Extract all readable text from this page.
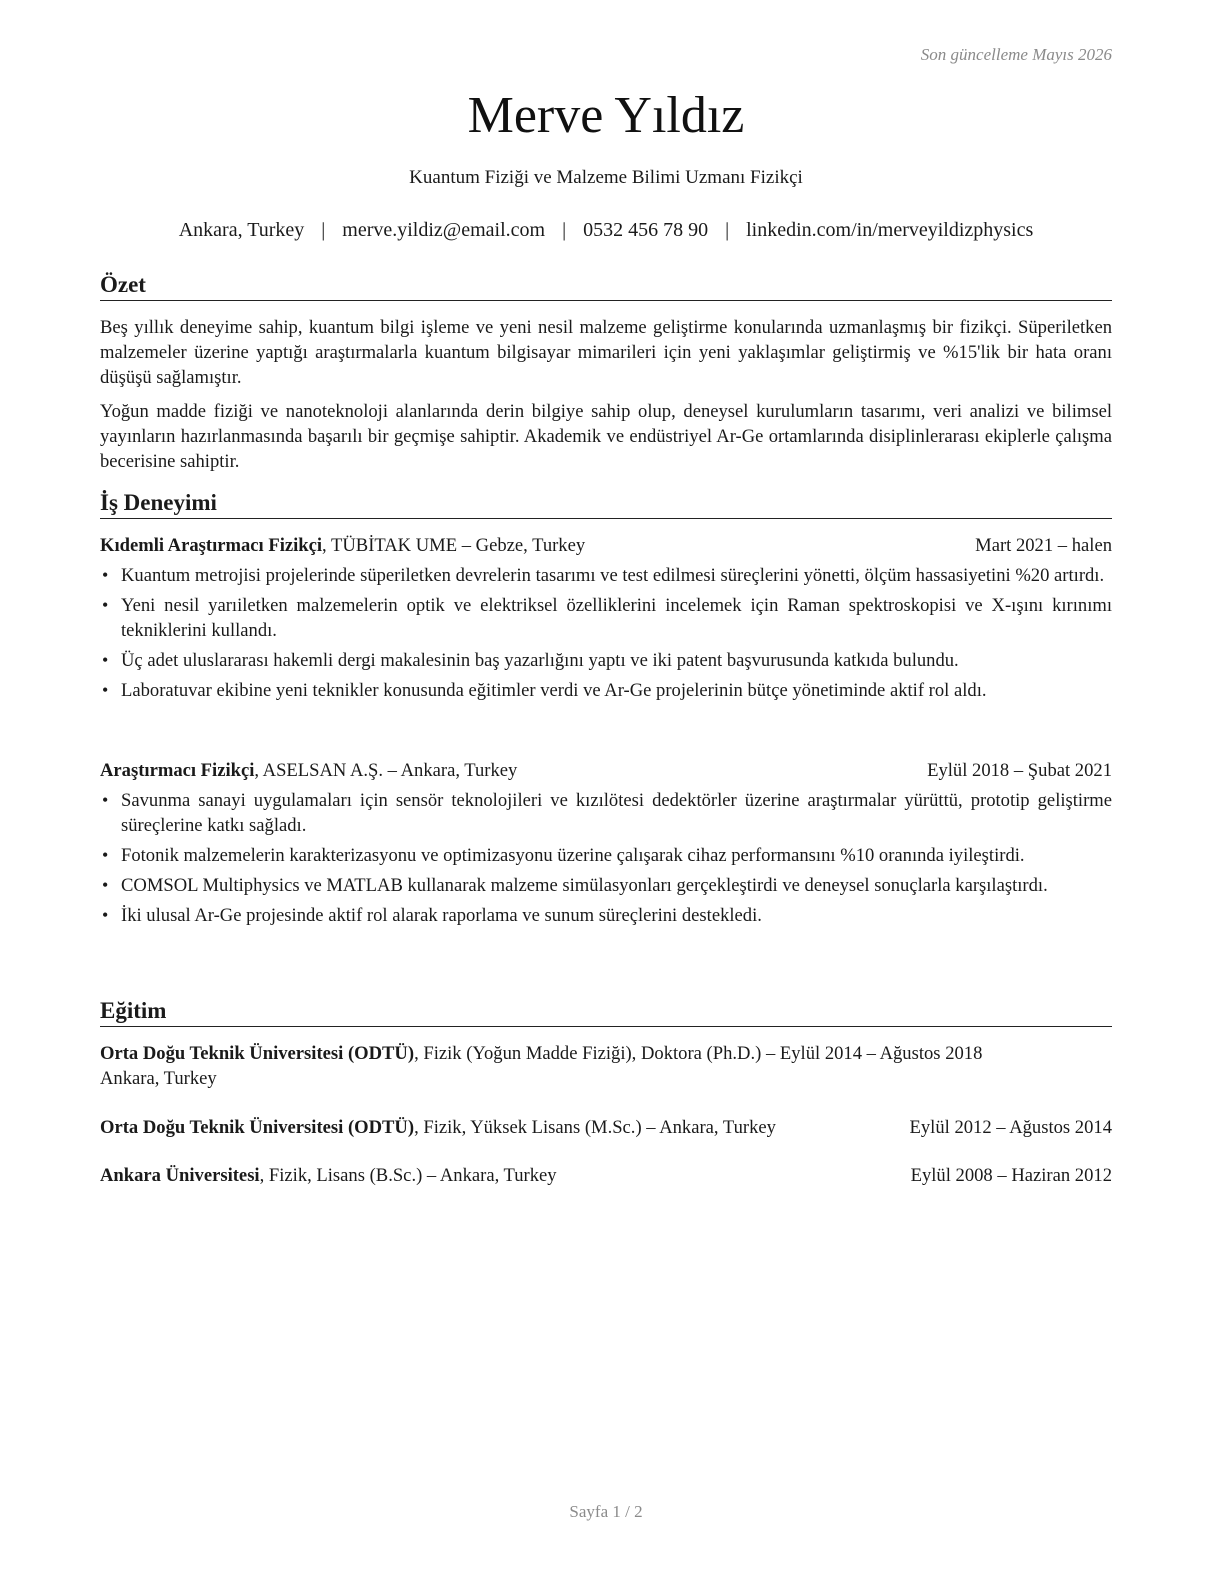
Son güncelleme Mayıs 2026
Merve Yıldız
Kuantum Fiziği ve Malzeme Bilimi Uzmanı Fizikçi
Ankara, Turkey | merve.yildiz@email.com | 0532 456 78 90 | linkedin.com/in/merveyildizphysics
Özet

Beş yıllık deneyime sahip, kuantum bilgi işleme ve yeni nesil malzeme geliştirme konularında uzmanlaşmış bir fizikçi. Süperiletken malzemeler üzerine yaptığı araştırmalarla kuantum bilgisayar mimarileri için yeni yaklaşımlar geliştirmiş ve %15'lik bir hata oranı düşüşü sağlamıştır.

Yoğun madde fiziği ve nanoteknoloji alanlarında derin bilgiye sahip olup, deneysel kurulumların tasarımı, veri analizi ve bilimsel yayınların hazırlanmasında başarılı bir geçmişe sahiptir. Akademik ve endüstriyel Ar-Ge ortamlarında disiplinlerarası ekiplerle çalışma becerisine sahiptir.

İş Deneyimi
Kıdemli Araştırmacı Fizikçi, TÜBİTAK UME – Gebze, Turkey	Mart 2021 – halen
• Kuantum metrojisi projelerinde süperiletken devrelerin tasarımı ve test edilmesi süreçlerini yönetti, ölçüm hassasiyetini %20 artırdı.
• Yeni nesil yarıiletken malzemelerin optik ve elektriksel özelliklerini incelemek için Raman spektroskopisi ve X-ışını kırınımı tekniklerini kullandı.
• Üç adet uluslararası hakemli dergi makalesinin baş yazarlığını yaptı ve iki patent başvurusunda katkıda bulundu.
• Laboratuvar ekibine yeni teknikler konusunda eğitimler verdi ve Ar-Ge projelerinin bütçe yönetiminde aktif rol aldı.
Araştırmacı Fizikçi, ASELSAN A.Ş. – Ankara, Turkey	Eylül 2018 – Şubat 2021
• Savunma sanayi uygulamaları için sensör teknolojileri ve kızılötesi dedektörler üzerine araştırmalar yürüttü, prototip geliştirme süreçlerine katkı sağladı.
• Fotonik malzemelerin karakterizasyonu ve optimizasyonu üzerine çalışarak cihaz performansını %10 oranında iyileştirdi.
• COMSOL Multiphysics ve MATLAB kullanarak malzeme simülasyonları gerçekleştirdi ve deneysel sonuçlarla karşılaştırdı.
• İki ulusal Ar-Ge projesinde aktif rol alarak raporlama ve sunum süreçlerini destekledi.
Eğitim
Orta Doğu Teknik Üniversitesi (ODTÜ), Fizik (Yoğun Madde Fiziği), Doktora (Ph.D.) – Eylül 2014 – Ağustos 2018
Ankara, Turkey
Orta Doğu Teknik Üniversitesi (ODTÜ), Fizik, Yüksek Lisans (M.Sc.) – Ankara, Turkey	Eylül 2012 – Ağustos 2014
Ankara Üniversitesi, Fizik, Lisans (B.Sc.) – Ankara, Turkey	Eylül 2008 – Haziran 2012
Sayfa 1 / 2
